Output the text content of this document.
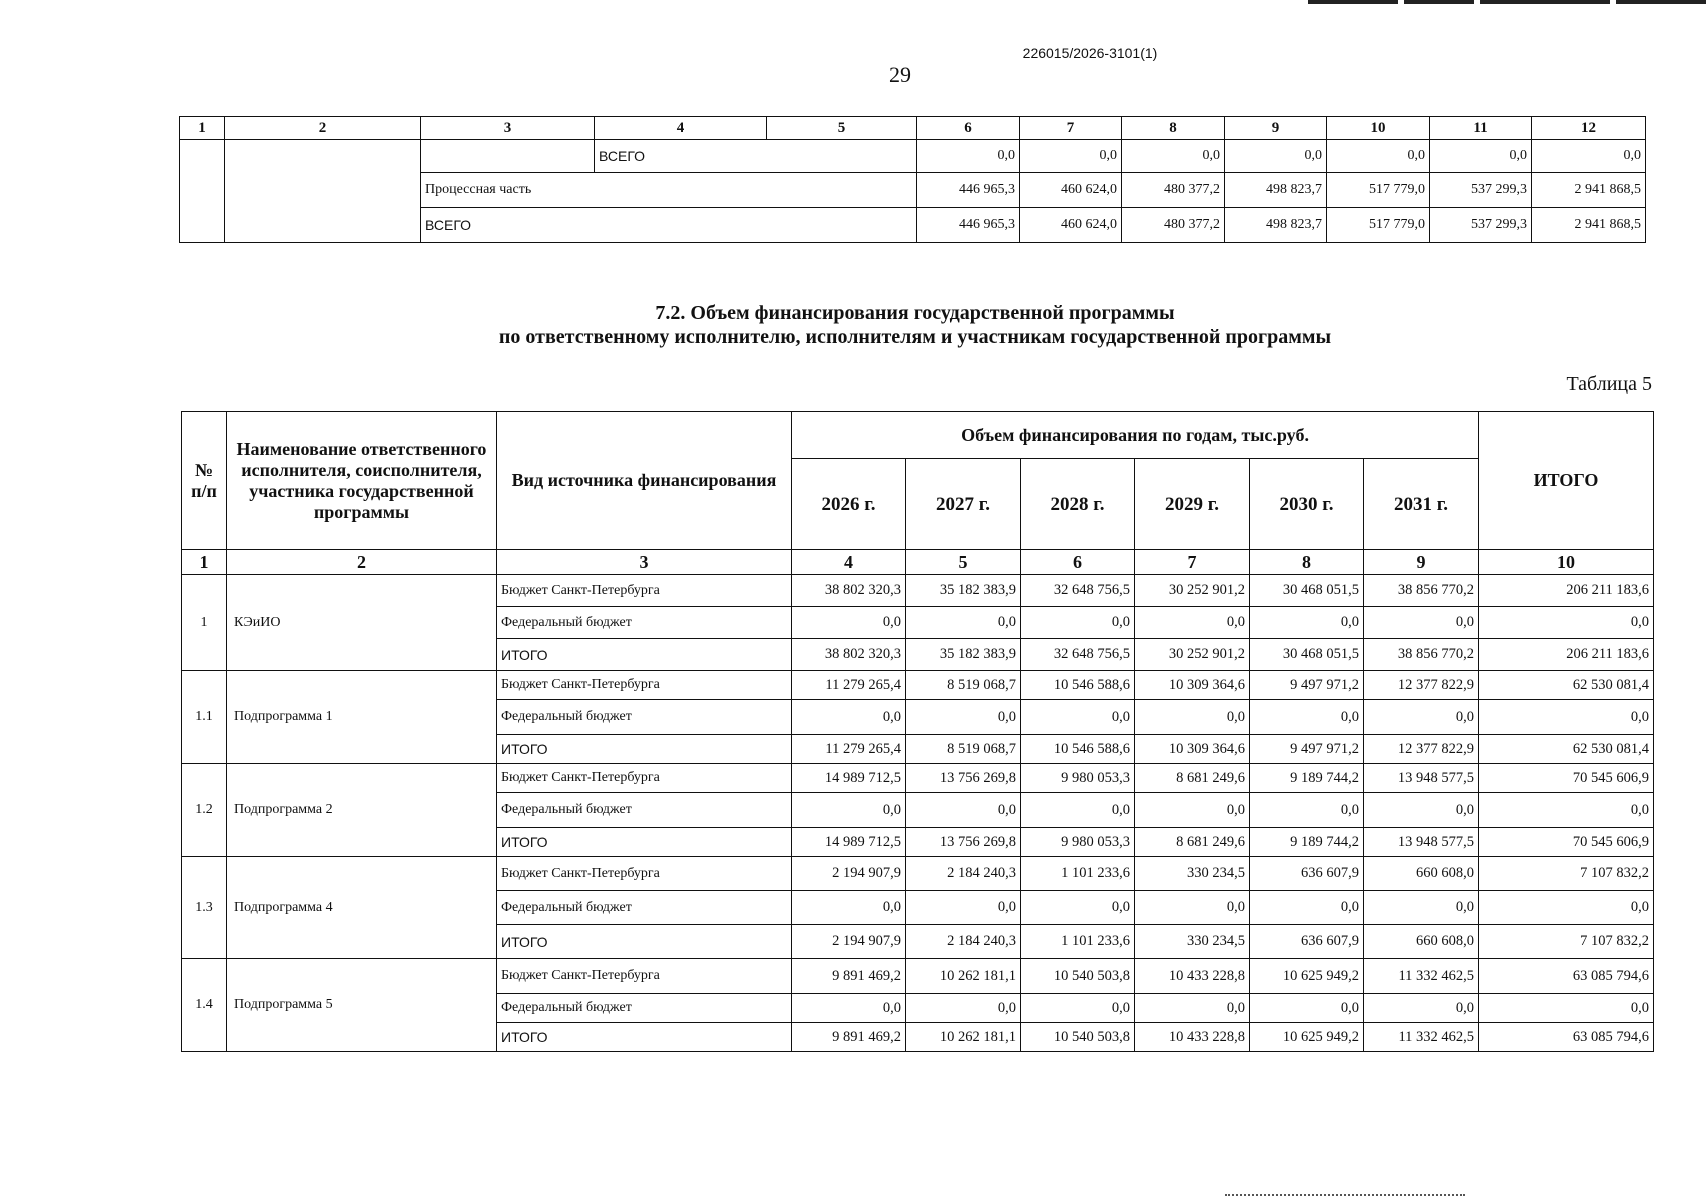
226015/2026-3101(1)
29
1	2	3	4	5	6	7	8	9	10	11	12
			ВСЕГО		0,0	0,0	0,0	0,0	0,0	0,0	0,0
		Процессная часть			446 965,3	460 624,0	480 377,2	498 823,7	517 779,0	537 299,3	2 941 868,5
		ВСЕГО			446 965,3	460 624,0	480 377,2	498 823,7	517 779,0	537 299,3	2 941 868,5
7.2. Объем финансирования государственной программы
по ответственному исполнителю, исполнителям и участникам государственной программы
Таблица 5
№ п/п	Наименование ответственного исполнителя, соисполнителя, участника государственной программы	Вид источника финансирования	Объем финансирования по годам, тыс.руб.						ИТОГО
			2026 г.	2027 г.	2028 г.	2029 г.	2030 г.	2031 г.	
1	2	3	4	5	6	7	8	9	10
1	КЭиИО	Бюджет Санкт-Петербурга	38 802 320,3	35 182 383,9	32 648 756,5	30 252 901,2	30 468 051,5	38 856 770,2	206 211 183,6
		Федеральный бюджет	0,0	0,0	0,0	0,0	0,0	0,0	0,0
		ИТОГО	38 802 320,3	35 182 383,9	32 648 756,5	30 252 901,2	30 468 051,5	38 856 770,2	206 211 183,6
1.1	Подпрограмма 1	Бюджет Санкт-Петербурга	11 279 265,4	8 519 068,7	10 546 588,6	10 309 364,6	9 497 971,2	12 377 822,9	62 530 081,4
		Федеральный бюджет	0,0	0,0	0,0	0,0	0,0	0,0	0,0
		ИТОГО	11 279 265,4	8 519 068,7	10 546 588,6	10 309 364,6	9 497 971,2	12 377 822,9	62 530 081,4
1.2	Подпрограмма 2	Бюджет Санкт-Петербурга	14 989 712,5	13 756 269,8	9 980 053,3	8 681 249,6	9 189 744,2	13 948 577,5	70 545 606,9
		Федеральный бюджет	0,0	0,0	0,0	0,0	0,0	0,0	0,0
		ИТОГО	14 989 712,5	13 756 269,8	9 980 053,3	8 681 249,6	9 189 744,2	13 948 577,5	70 545 606,9
1.3	Подпрограмма 4	Бюджет Санкт-Петербурга	2 194 907,9	2 184 240,3	1 101 233,6	330 234,5	636 607,9	660 608,0	7 107 832,2
		Федеральный бюджет	0,0	0,0	0,0	0,0	0,0	0,0	0,0
		ИТОГО	2 194 907,9	2 184 240,3	1 101 233,6	330 234,5	636 607,9	660 608,0	7 107 832,2
1.4	Подпрограмма 5	Бюджет Санкт-Петербурга	9 891 469,2	10 262 181,1	10 540 503,8	10 433 228,8	10 625 949,2	11 332 462,5	63 085 794,6
		Федеральный бюджет	0,0	0,0	0,0	0,0	0,0	0,0	0,0
		ИТОГО	9 891 469,2	10 262 181,1	10 540 503,8	10 433 228,8	10 625 949,2	11 332 462,5	63 085 794,6
